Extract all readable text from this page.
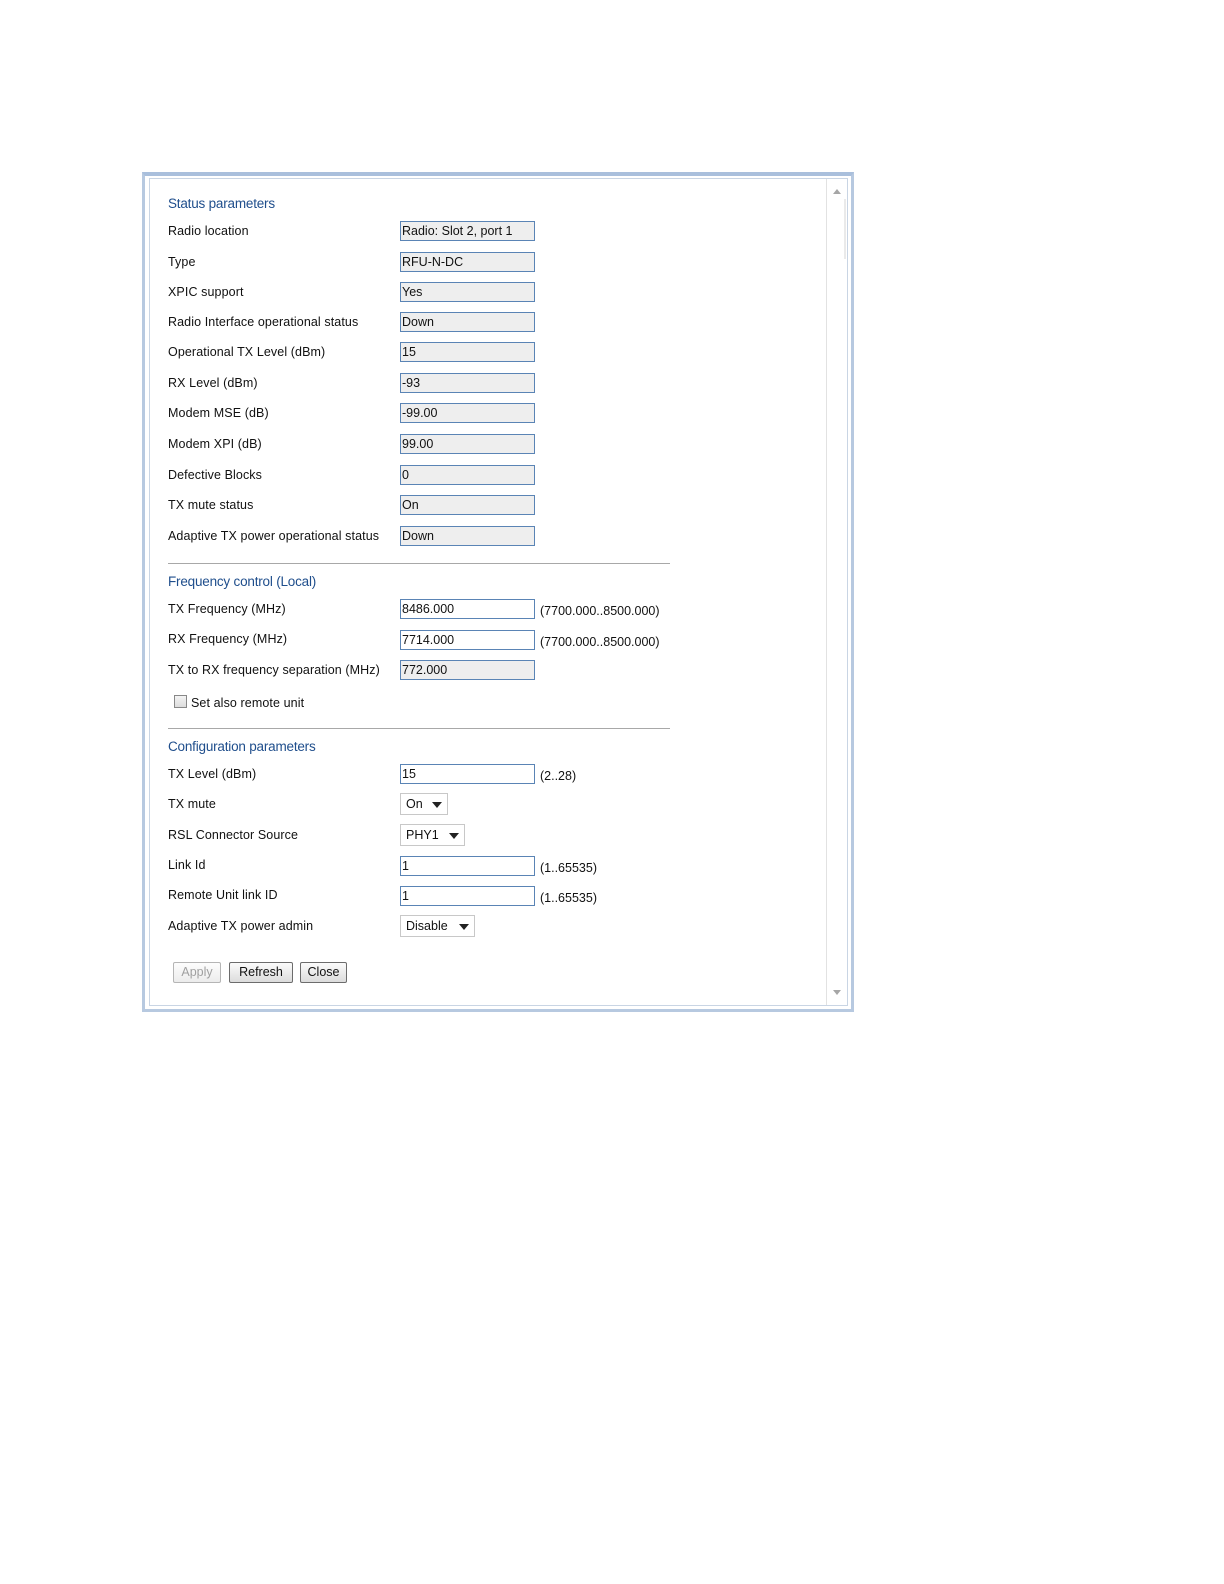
Status parameters
Radio location	Radio: Slot 2, port 1
Type	RFU-N-DC
XPIC support	Yes
Radio Interface operational status	Down
Operational TX Level (dBm)	15
RX Level (dBm)	-93
Modem MSE (dB)	-99.00
Modem XPI (dB)	99.00
Defective Blocks	0
TX mute status	On
Adaptive TX power operational status Down
Frequency control (Local)
TX Frequency (MHz)	8486.000	(7700.000..8500.000)
RX Frequency (MHz)	7714.000	(7700.000..8500.000)
TX to RX frequency separation (MHz) 772.000
Set also remote unit
Configuration parameters
TX Level (dBm)	15	(2..28)
TX mute	On
RSL Connector Source	PHY1
Link Id	1	(1..65535)
Remote Unit link ID	1	(1..65535)
Adaptive TX power admin	Disable
Apply	Refresh	Close
